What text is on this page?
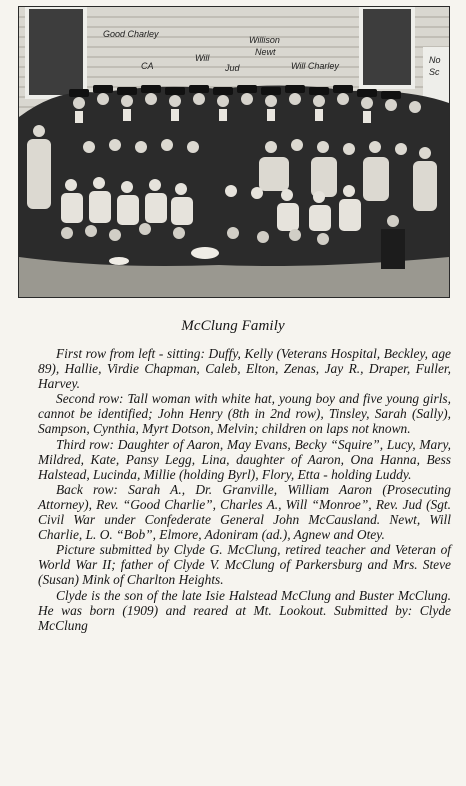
Good Charley
Willison
Newt
CA
Will
Jud	Will Charley
No
Sc
McClung Family

First row from left - sitting: Duffy, Kelly (Veterans Hospital, Beckley, age 89), Hallie, Virdie Chapman, Caleb, Elton, Zenas, Jay R., Draper, Fuller, Harvey.

Second row: Tall woman with white hat, young boy and five young girls, cannot be identified; John Henry (8th in 2nd row), Tinsley, Sarah (Sally), Sampson, Cynthia, Myrt Dotson, Melvin; children on laps not known.

Third row: Daughter of Aaron, May Evans, Becky “Squire”, Lucy, Mary, Mildred, Kate, Pansy Legg, Lina, daughter of Aaron, Ona Hanna, Bess Halstead, Lucinda, Millie (holding Byrl), Flory, Etta - holding Luddy.

Back row: Sarah A., Dr. Granville, William Aaron (Prosecuting Attorney), Rev. “Good Charlie”, Charles A., Will “Monroe”, Rev. Jud (Sgt. Civil War under Confederate General John McCausland. Newt, Will Charlie, L. O. “Bob”, Elmore, Adoniram (ad.), Agnew and Otey.

Picture submitted by Clyde G. McClung, retired teacher and Veteran of World War II; father of Clyde V. McClung of Parkersburg and Mrs. Steve (Susan) Mink of Charlton Heights.

Clyde is the son of the late Isie Halstead McClung and Buster McClung. He was born (1909) and reared at Mt. Lookout. Submitted by: Clyde McClung
